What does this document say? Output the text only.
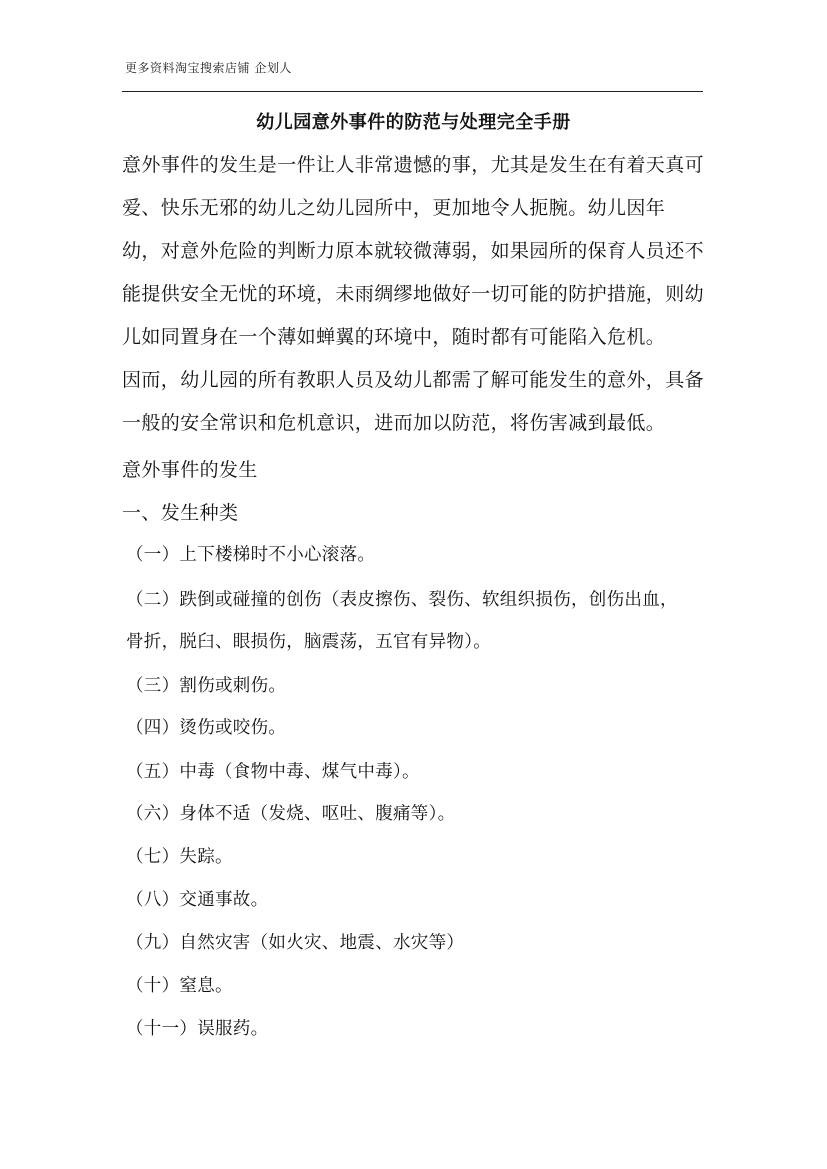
更多资料淘宝搜索店铺 企划人
幼儿园意外事件的防范与处理完全手册
意外事件的发生是一件让人非常遗憾的事，尤其是发生在有着天真可
爱、快乐无邪的幼儿之幼儿园所中，更加地令人扼腕。幼儿因年
幼，对意外危险的判断力原本就较微薄弱，如果园所的保育人员还不
能提供安全无忧的环境，未雨绸缪地做好一切可能的防护措施，则幼
儿如同置身在一个薄如蝉翼的环境中，随时都有可能陷入危机。
因而，幼儿园的所有教职人员及幼儿都需了解可能发生的意外，具备
一般的安全常识和危机意识，进而加以防范，将伤害减到最低。
意外事件的发生
一、发生种类
（一）上下楼梯时不小心滚落。
（二）跌倒或碰撞的创伤（表皮擦伤、裂伤、软组织损伤，创伤出血，
骨折，脱臼、眼损伤，脑震荡，五官有异物）。
（三）割伤或刺伤。
（四）烫伤或咬伤。
（五）中毒（食物中毒、煤气中毒）。
（六）身体不适（发烧、呕吐、腹痛等）。
（七）失踪。
（八）交通事故。
（九）自然灾害（如火灾、地震、水灾等）
（十）窒息。
（十一）误服药。
